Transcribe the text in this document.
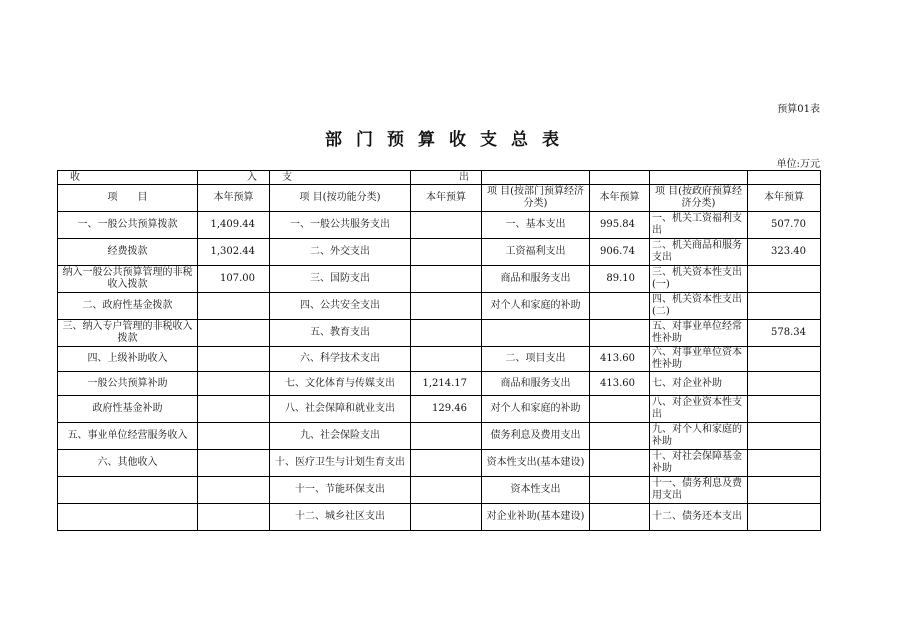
预算01表
部门预算收支总表
单位:万元
收	入	支	出				
项　　目	本年预算	项 目(按功能分类)	本年预算	项 目(按部门预算经济分类)	本年预算	项 目(按政府预算经济分类)	本年预算
一、一般公共预算拨款	1,409.44	一、一般公共服务支出		一、基本支出	995.84	一、机关工资福利支出	507.70
经费拨款	1,302.44	二、外交支出		工资福利支出	906.74	二、机关商品和服务支出	323.40
纳入一般公共预算管理的非税收入拨款	107.00	三、国防支出		商品和服务支出	89.10	三、机关资本性支出(一)	
二、政府性基金拨款		四、公共安全支出		对个人和家庭的补助		四、机关资本性支出(二)	
三、纳入专户管理的非税收入拨款		五、教育支出				五、对事业单位经常性补助	578.34
四、上级补助收入		六、科学技术支出		二、项目支出	413.60	六、对事业单位资本性补助	
一般公共预算补助		七、文化体育与传媒支出	1,214.17	商品和服务支出	413.60	七、对企业补助	
政府性基金补助		八、社会保障和就业支出	129.46	对个人和家庭的补助		八、对企业资本性支出	
五、事业单位经营服务收入		九、社会保险支出		债务利息及费用支出		九、对个人和家庭的补助	
六、其他收入		十、医疗卫生与计划生育支出		资本性支出(基本建设)		十、对社会保障基金补助	
		十一、节能环保支出		资本性支出		十一、债务利息及费用支出	
		十二、城乡社区支出		对企业补助(基本建设)		十二、债务还本支出	
